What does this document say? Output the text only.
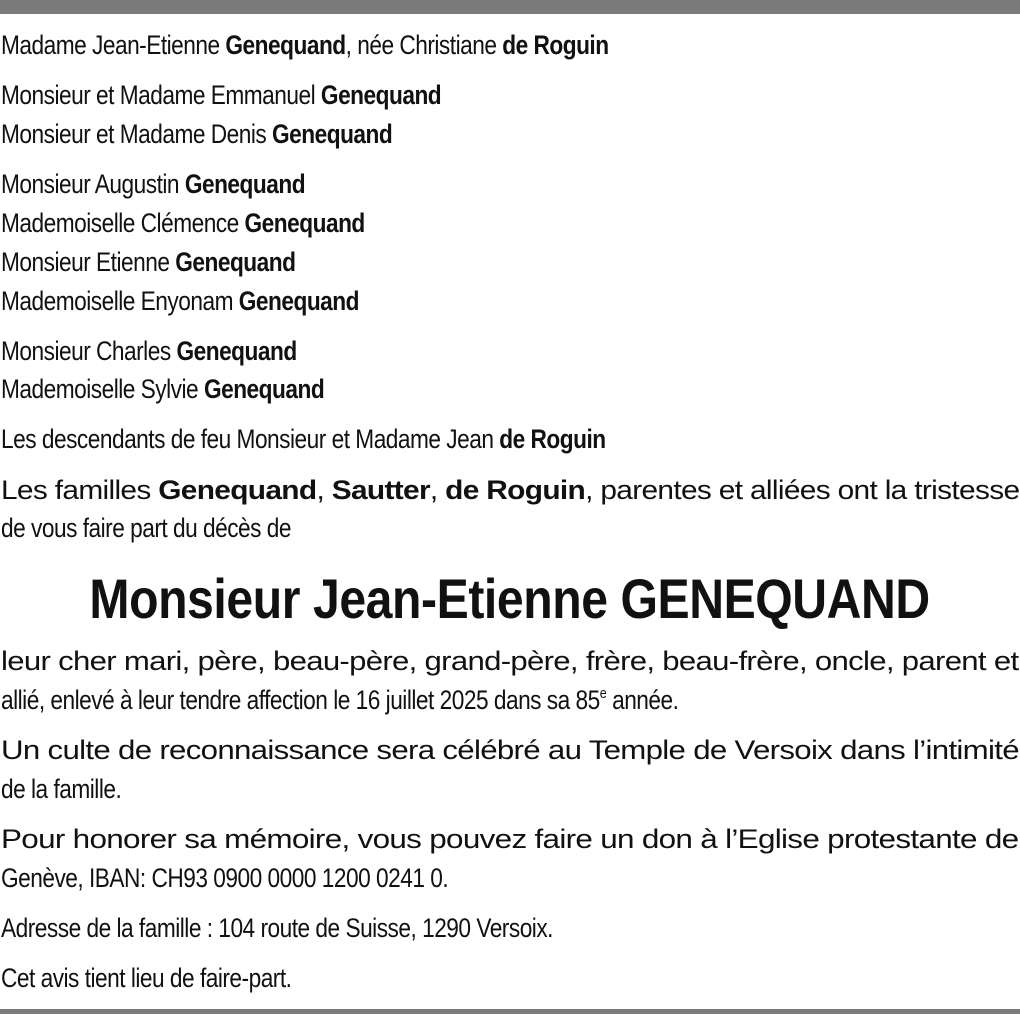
Madame Jean-Etienne Genequand, née Christiane de Roguin
Monsieur et Madame Emmanuel Genequand
Monsieur et Madame Denis Genequand
Monsieur Augustin Genequand
Mademoiselle Clémence Genequand
Monsieur Etienne Genequand
Mademoiselle Enyonam Genequand
Monsieur Charles Genequand
Mademoiselle Sylvie Genequand
Les descendants de feu Monsieur et Madame Jean de Roguin
Les familles Genequand, Sautter, de Roguin, parentes et alliées ont la tristesse
de vous faire part du décès de
Monsieur Jean-Etienne GENEQUAND
leur cher mari, père, beau-père, grand-père, frère, beau-frère, oncle, parent et
allié, enlevé à leur tendre affection le 16 juillet 2025 dans sa 85e année.
Un culte de reconnaissance sera célébré au Temple de Versoix dans l’intimité
de la famille.
Pour honorer sa mémoire, vous pouvez faire un don à l’Eglise protestante de
Genève, IBAN: CH93 0900 0000 1200 0241 0.
Adresse de la famille : 104 route de Suisse, 1290 Versoix.
Cet avis tient lieu de faire-part.
